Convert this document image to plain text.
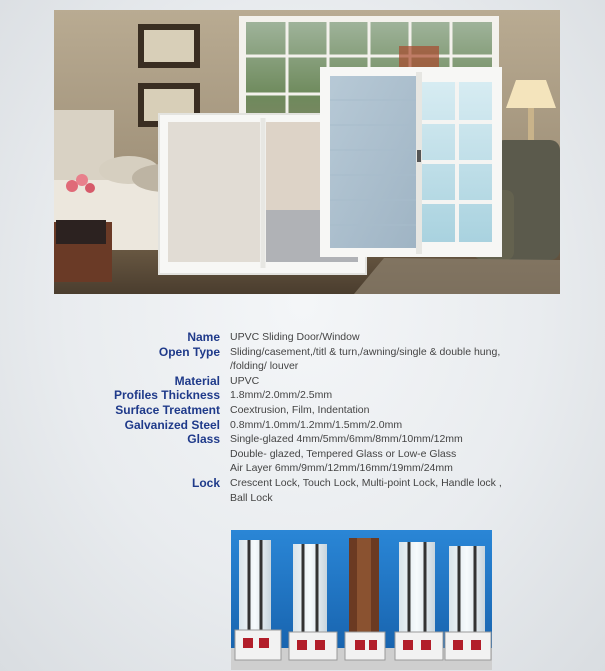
Name UPVC Sliding Door/Window
Open Type Sliding/casement,/titl & turn,/awning/single & double hung,
/folding/ louver
Material UPVC
Profiles Thickness 1.8mm/2.0mm/2.5mm
Surface Treatment Coextrusion, Film, Indentation
Galvanized Steel 0.8mm/1.0mm/1.2mm/1.5mm/2.0mm
Glass Single-glazed 4mm/5mm/6mm/8mm/10mm/12mm
Double- glazed, Tempered Glass or Low-e Glass
Air Layer 6mm/9mm/12mm/16mm/19mm/24mm
Lock Crescent Lock, Touch Lock, Multi-point Lock, Handle lock ,
Ball Lock
